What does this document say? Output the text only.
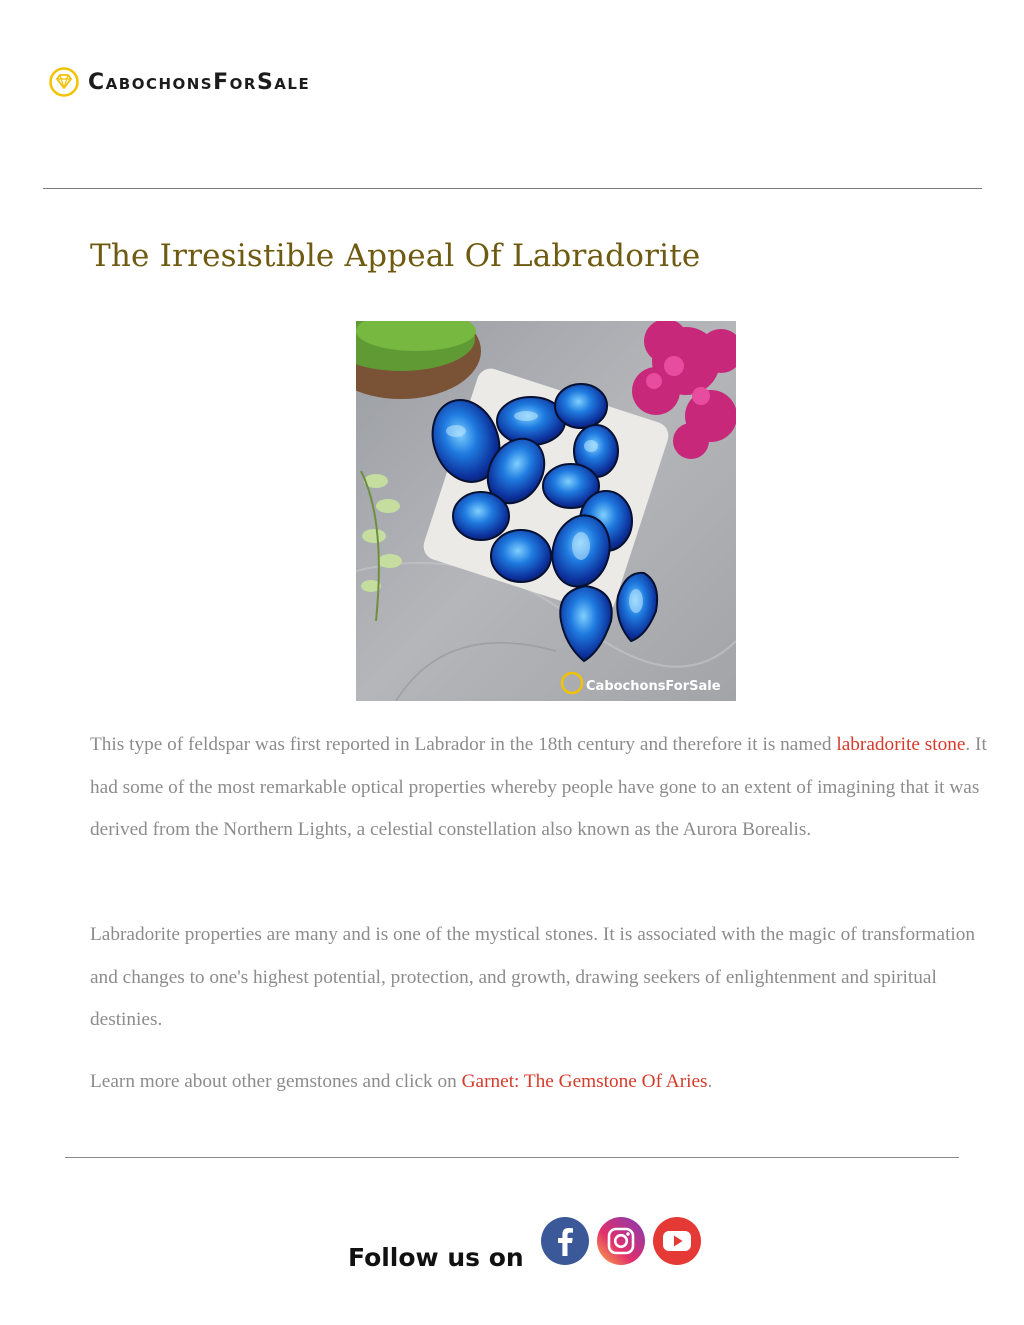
CabochonsForSale
The Irresistible Appeal Of Labradorite
CabochonsForSale

This type of feldspar was first reported in Labrador in the 18th century and therefore it is named labradorite stone. It had some of the most remarkable optical properties whereby people have gone to an extent of imagining that it was derived from the Northern Lights, a celestial constellation also known as the Aurora Borealis.

Labradorite properties are many and is one of the mystical stones. It is associated with the magic of transformation and changes to one's highest potential, protection, and growth, drawing seekers of enlightenment and spiritual destinies.

Learn more about other gemstones and click on Garnet: The Gemstone Of Aries.

Follow us on
